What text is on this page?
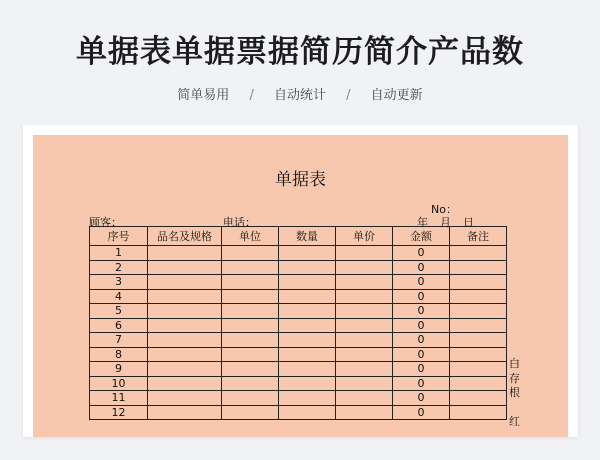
单据表单据票据简历简介产品数
简单易用 / 自动统计 / 自动更新
单据表
No：
顾客：	电话：	年 月 日
序号	品名及规格	单位	数量	单价	金额	备注
1					0	
2					0	
3					0	
4					0	
5					0	
6					0	
7					0	
8					0	
9					0	
10					0	
11					0	
12					0	
白
存
根
红
